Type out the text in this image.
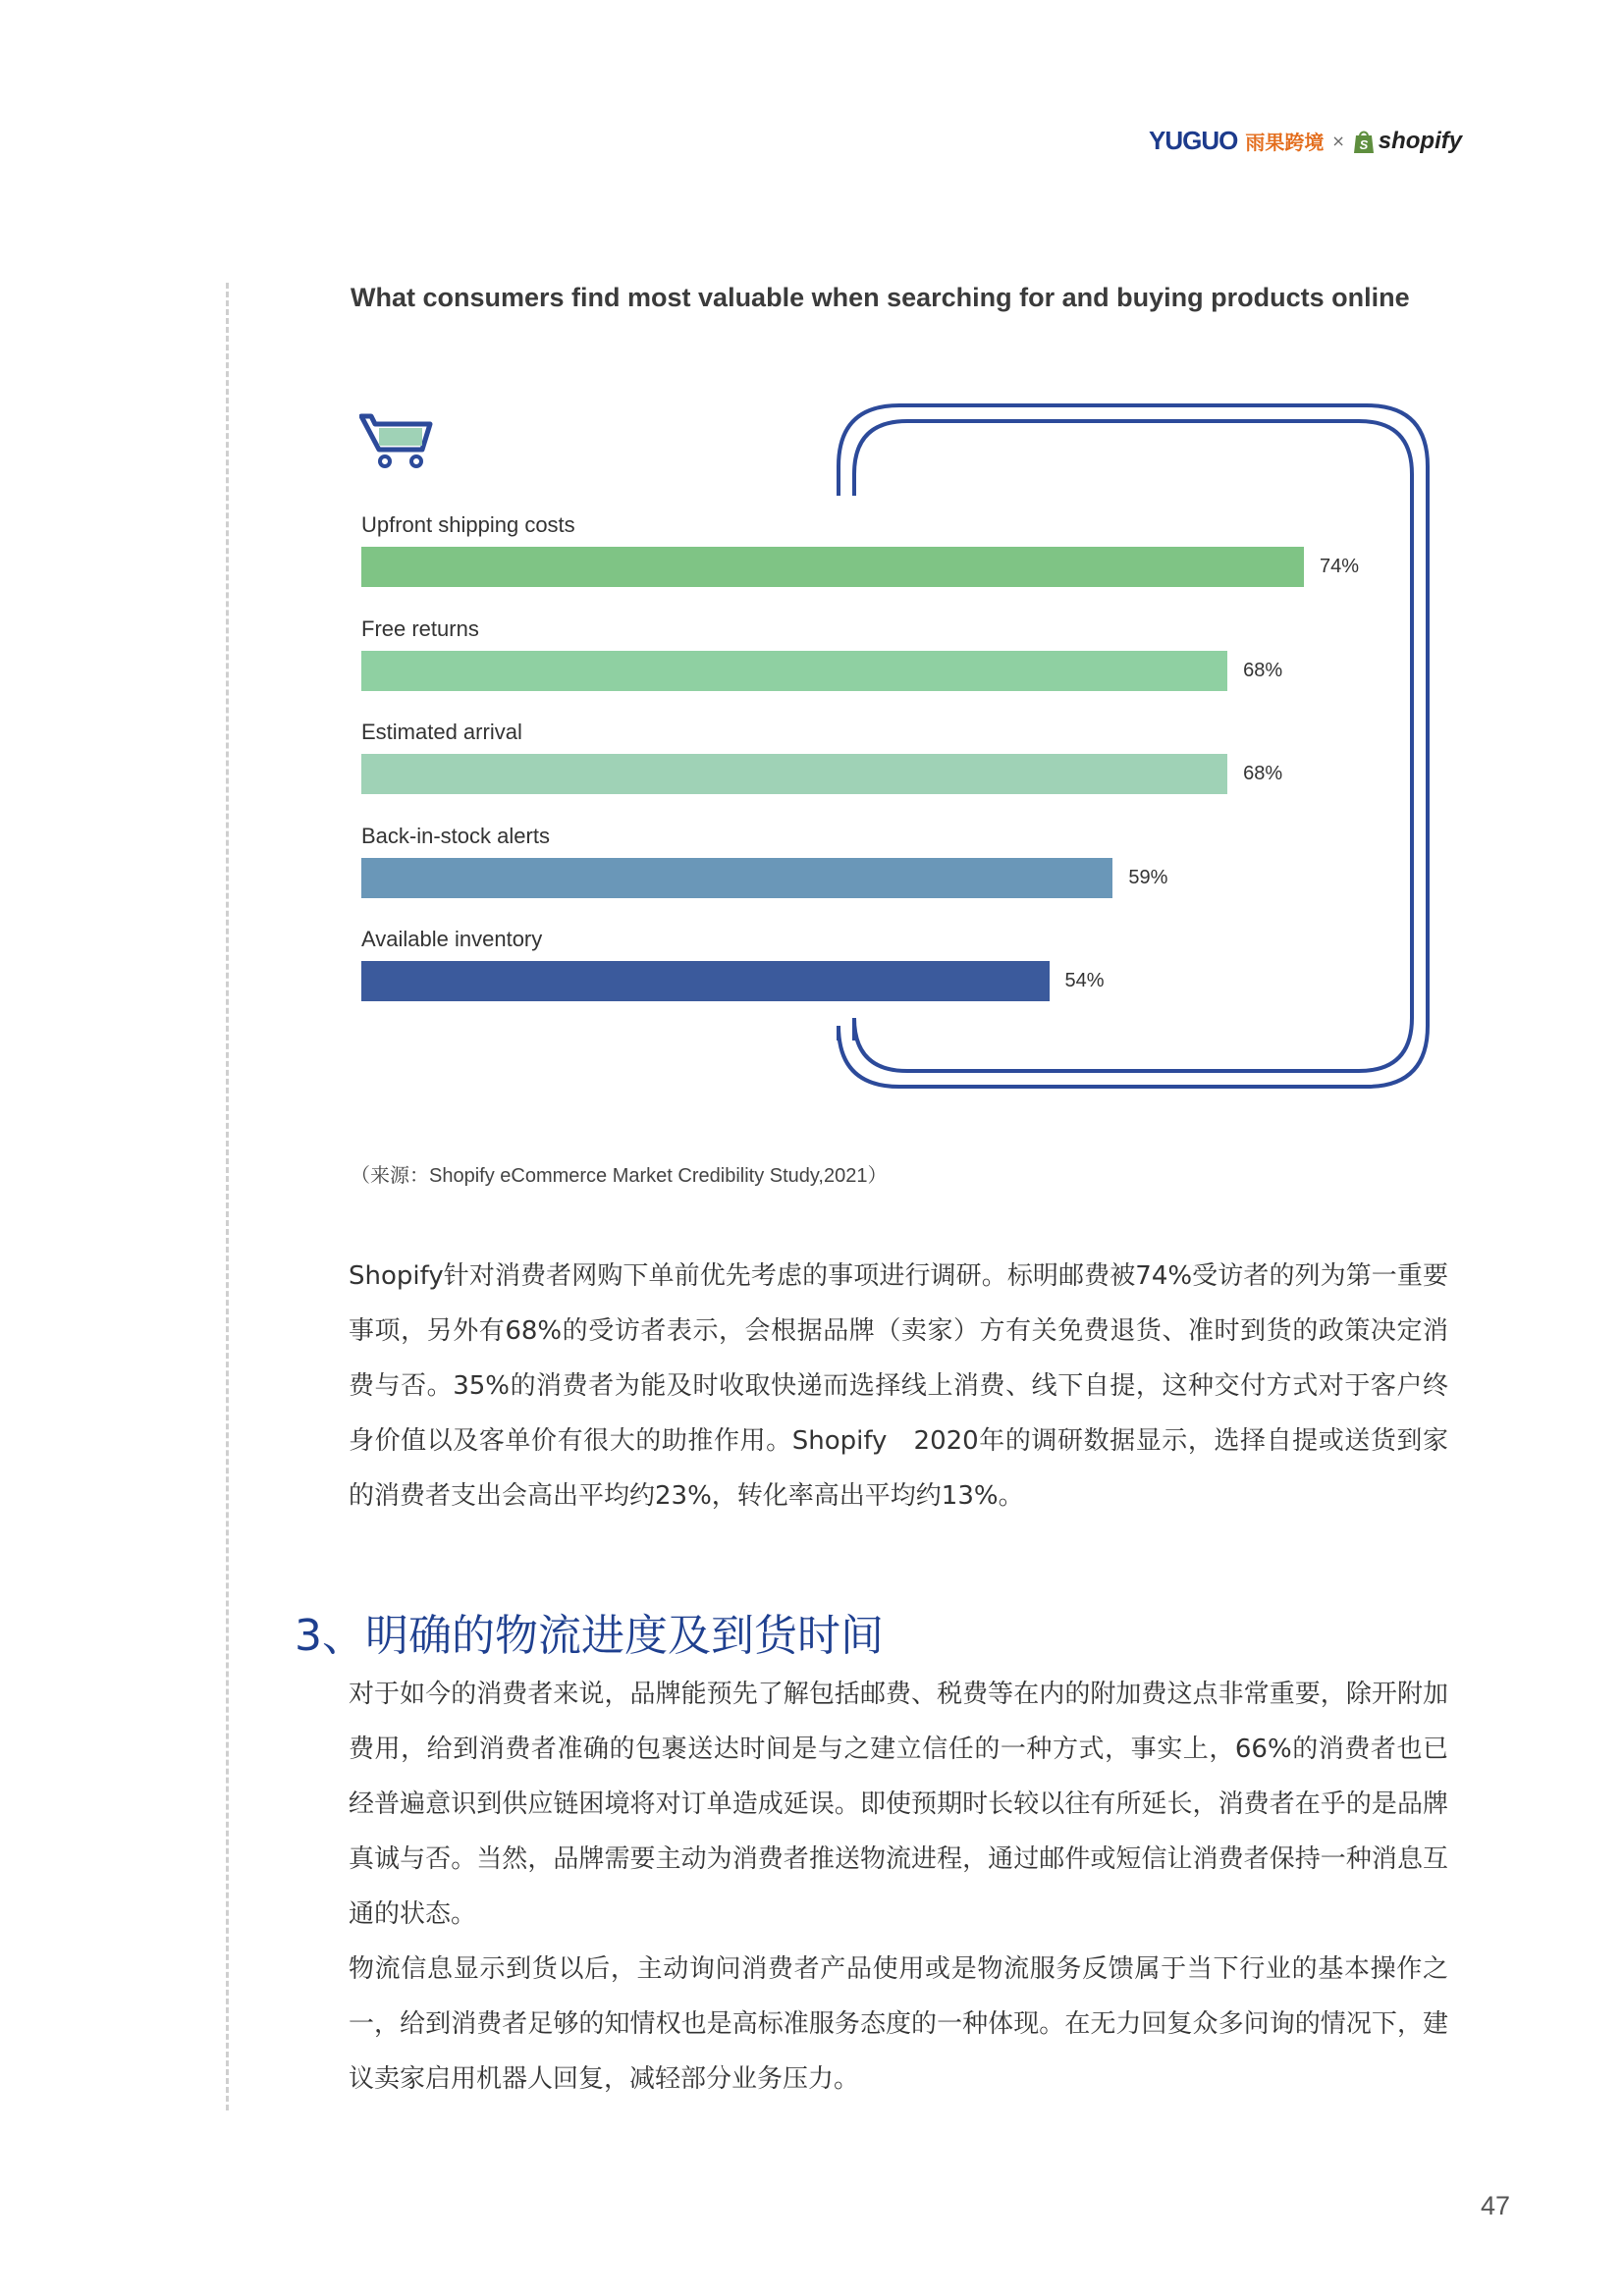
YUGUO 雨果跨境 × S shopify
What consumers find most valuable when searching for and buying products online
Upfront shipping costs
74%
Free returns
68%
Estimated arrival
68%
Back-in-stock alerts
59%
Available inventory
54%
（来源：Shopify eCommerce Market Credibility Study,2021）

Shopify针对消费者网购下单前优先考虑的事项进行调研。标明邮费被74%受访者的列为第一重要事项，另外有68%的受访者表示，会根据品牌（卖家）方有关免费退货、准时到货的政策决定消费与否。35%的消费者为能及时收取快递而选择线上消费、线下自提，这种交付方式对于客户终身价值以及客单价有很大的助推作用。Shopify　2020年的调研数据显示，选择自提或送货到家的消费者支出会高出平均约23%，转化率高出平均约13%。

3、明确的物流进度及到货时间

对于如今的消费者来说，品牌能预先了解包括邮费、税费等在内的附加费这点非常重要，除开附加费用，给到消费者准确的包裹送达时间是与之建立信任的一种方式，事实上，66%的消费者也已经普遍意识到供应链困境将对订单造成延误。即使预期时长较以往有所延长，消费者在乎的是品牌真诚与否。当然，品牌需要主动为消费者推送物流进程，通过邮件或短信让消费者保持一种消息互通的状态。

物流信息显示到货以后，主动询问消费者产品使用或是物流服务反馈属于当下行业的基本操作之一，给到消费者足够的知情权也是高标准服务态度的一种体现。在无力回复众多问询的情况下，建议卖家启用机器人回复，减轻部分业务压力。

47
